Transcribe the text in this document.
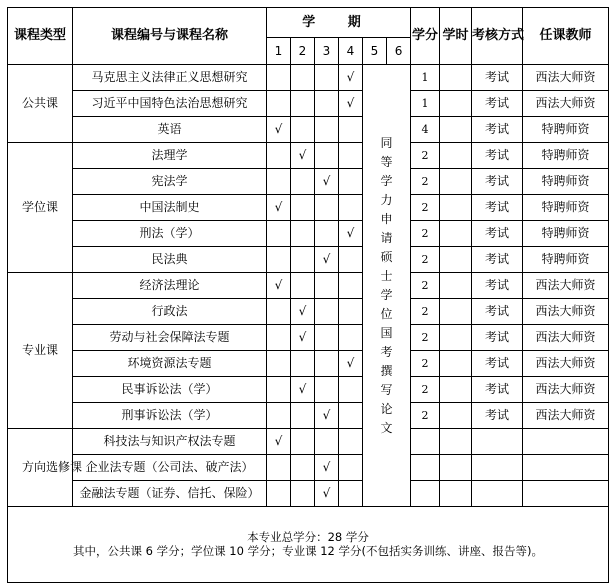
课程类型	课程编号与课程名称	学 期						学分	学时	考核方式	任课教师
		1	2	3	4	5	6				
公共课	马克思主义法律正义思想研究				√	同等学力申请硕士学位国考 撰写论文		1		考试	西法大师资
	习近平中国特色法治思想研究				√			1		考试	西法大师资
	英语	√						4		考试	特聘师资
学位课	法理学		√					2		考试	特聘师资
	宪法学			√				2		考试	特聘师资
	中国法制史	√						2		考试	特聘师资
	刑法（学）				√			2		考试	特聘师资
	民法典			√				2		考试	特聘师资
专业课	经济法理论	√						2		考试	西法大师资
	行政法		√					2		考试	西法大师资
	劳动与社会保障法专题		√					2		考试	西法大师资
	环境资源法专题				√			2		考试	西法大师资
	民事诉讼法（学）		√					2		考试	西法大师资
	刑事诉讼法（学）			√				2		考试	西法大师资
方向选修课	科技法与知识产权法专题	√									
	企业法专题（公司法、破产法）			√							
	金融法专题（证券、信托、保险）			√							

本专业总学分：28 学分
其中，公共课 6 学分；学位课 10 学分；专业课 12 学分(不包括实务训练、讲座、报告等)。											
